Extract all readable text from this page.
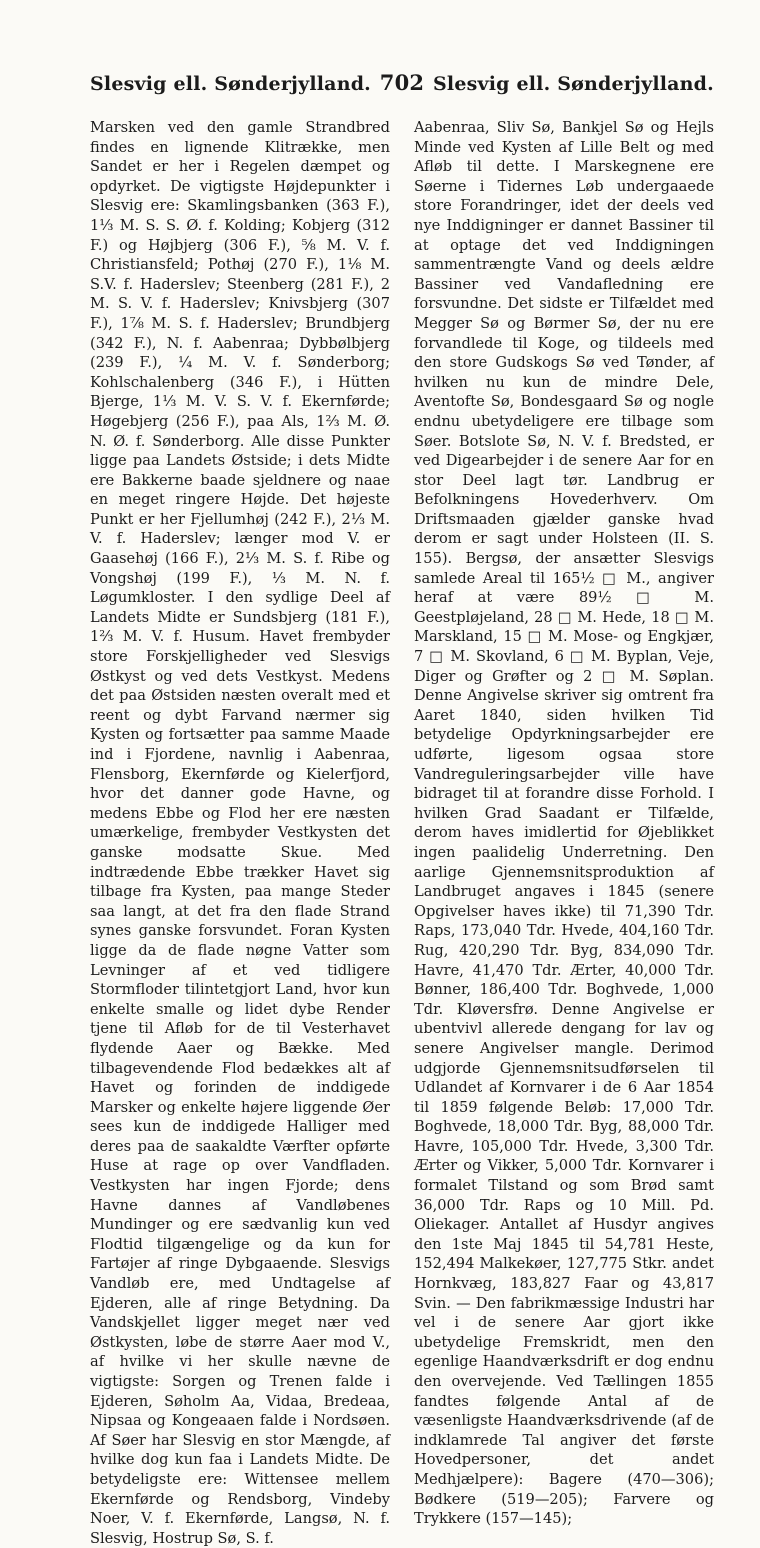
Slesvig ell. Sønderjylland. 702 Slesvig ell. Sønderjylland.

Marsken ved den gamle Strandbred findes en lignende Klitrække, men Sandet er her i Regelen dæmpet og opdyrket. De vigtigste Højdepunkter i Slesvig ere: Skamlingsbanken (363 F.), 1⅓ M. S. S. Ø. f. Kolding; Kobjerg (312 F.) og Højbjerg (306 F.), ⅝ M. V. f. Christiansfeld; Pothøj (270 F.), 1⅛ M. S.V. f. Haderslev; Steenberg (281 F.), 2 M. S. V. f. Haderslev; Knivsbjerg (307 F.), 1⅞ M. S. f. Haderslev; Brundbjerg (342 F.), N. f. Aabenraa; Dybbølbjerg (239 F.), ¼ M. V. f. Sønderborg; Kohlschalenberg (346 F.), i Hütten Bjerge, 1⅓ M. V. S. V. f. Ekernførde; Høgebjerg (256 F.), paa Als, 1⅔ M. Ø. N. Ø. f. Sønderborg. Alle disse Punkter ligge paa Landets Østside; i dets Midte ere Bakkerne baade sjeldnere og naae en meget ringere Højde. Det højeste Punkt er her Fjellumhøj (242 F.), 2⅓ M. V. f. Haderslev; længer mod V. er Gaasehøj (166 F.), 2⅓ M. S. f. Ribe og Vongshøj (199 F.), ⅓ M. N. f. Løgumkloster. I den sydlige Deel af Landets Midte er Sundsbjerg (181 F.), 1⅔ M. V. f. Husum. Havet frembyder store Forskjelligheder ved Slesvigs Østkyst og ved dets Vestkyst. Medens det paa Østsiden næsten overalt med et reent og dybt Farvand nærmer sig Kysten og fortsætter paa samme Maade ind i Fjordene, navnlig i Aabenraa, Flensborg, Ekernførde og Kielerfjord, hvor det danner gode Havne, og medens Ebbe og Flod her ere næsten umærkelige, frembyder Vestkysten det ganske modsatte Skue. Med indtrædende Ebbe trækker Havet sig tilbage fra Kysten, paa mange Steder saa langt, at det fra den flade Strand synes ganske forsvundet. Foran Kysten ligge da de flade nøgne Vatter som Levninger af et ved tidligere Stormfloder tilintetgjort Land, hvor kun enkelte smalle og lidet dybe Render tjene til Afløb for de til Vesterhavet flydende Aaer og Bække. Med tilbagevendende Flod bedækkes alt af Havet og forinden de inddigede Marsker og enkelte højere liggende Øer sees kun de inddigede Halliger med deres paa de saakaldte Værfter opførte Huse at rage op over Vandfladen. Vestkysten har ingen Fjorde; dens Havne dannes af Vandløbenes Mundinger og ere sædvanlig kun ved Flodtid tilgængelige og da kun for Fartøjer af ringe Dybgaaende. Slesvigs Vandløb ere, med Undtagelse af Ejderen, alle af ringe Betydning. Da Vandskjellet ligger meget nær ved Østkysten, løbe de større Aaer mod V., af hvilke vi her skulle nævne de vigtigste: Sorgen og Trenen falde i Ejderen, Søholm Aa, Vidaa, Bredeaa, Nipsaa og Kongeaaen falde i Nordsøen. Af Søer har Slesvig en stor Mængde, af hvilke dog kun faa i Landets Midte. De betydeligste ere: Wittensee mellem Ekernførde og Rendsborg, Vindeby Noer, V. f. Ekernførde, Langsø, N. f. Slesvig, Hostrup Sø, S. f.

Aabenraa, Sliv Sø, Bankjel Sø og Hejls Minde ved Kysten af Lille Belt og med Afløb til dette. I Marskegnene ere Søerne i Tidernes Løb undergaaede store Forandringer, idet der deels ved nye Inddigninger er dannet Bassiner til at optage det ved Inddigningen sammentrængte Vand og deels ældre Bassiner ved Vandafledning ere forsvundne. Det sidste er Tilfældet med Megger Sø og Børmer Sø, der nu ere forvandlede til Koge, og tildeels med den store Gudskogs Sø ved Tønder, af hvilken nu kun de mindre Dele, Aventofte Sø, Bondesgaard Sø og nogle endnu ubetydeligere ere tilbage som Søer. Botslote Sø, N. V. f. Bredsted, er ved Digearbejder i de senere Aar for en stor Deel lagt tør. Landbrug er Befolkningens Hovederhverv. Om Driftsmaaden gjælder ganske hvad derom er sagt under Holsteen (II. S. 155). Bergsø, der ansætter Slesvigs samlede Areal til 165½ □ M., angiver heraf at være 89½ □ M. Geestpløjeland, 28 □ M. Hede, 18 □ M. Marskland, 15 □ M. Mose- og Engkjær, 7 □ M. Skovland, 6 □ M. Byplan, Veje, Diger og Grøfter og 2 □ M. Søplan. Denne Angivelse skriver sig omtrent fra Aaret 1840, siden hvilken Tid betydelige Opdyrkningsarbejder ere udførte, ligesom ogsaa store Vandreguleringsarbejder ville have bidraget til at forandre disse Forhold. I hvilken Grad Saadant er Tilfælde, derom haves imidlertid for Øjeblikket ingen paalidelig Underretning. Den aarlige Gjennemsnitsproduktion af Landbruget angaves i 1845 (senere Opgivelser haves ikke) til 71,390 Tdr. Raps, 173,040 Tdr. Hvede, 404,160 Tdr. Rug, 420,290 Tdr. Byg, 834,090 Tdr. Havre, 41,470 Tdr. Ærter, 40,000 Tdr. Bønner, 186,400 Tdr. Boghvede, 1,000 Tdr. Kløversfrø. Denne Angivelse er ubentvivl allerede dengang for lav og senere Angivelser mangle. Derimod udgjorde Gjennemsnitsudførselen til Udlandet af Kornvarer i de 6 Aar 1854 til 1859 følgende Beløb: 17,000 Tdr. Boghvede, 18,000 Tdr. Byg, 88,000 Tdr. Havre, 105,000 Tdr. Hvede, 3,300 Tdr. Ærter og Vikker, 5,000 Tdr. Kornvarer i formalet Tilstand og som Brød samt 36,000 Tdr. Raps og 10 Mill. Pd. Oliekager. Antallet af Husdyr angives den 1ste Maj 1845 til 54,781 Heste, 152,494 Malkekøer, 127,775 Stkr. andet Hornkvæg, 183,827 Faar og 43,817 Svin. — Den fabrikmæssige Industri har vel i de senere Aar gjort ikke ubetydelige Fremskridt, men den egenlige Haandværksdrift er dog endnu den overvejende. Ved Tællingen 1855 fandtes følgende Antal af de væsenligste Haandværksdrivende (af de indklamrede Tal angiver det første Hovedpersoner, det andet Medhjælpere): Bagere (470—306); Bødkere (519—205); Farvere og Trykkere (157—145);
